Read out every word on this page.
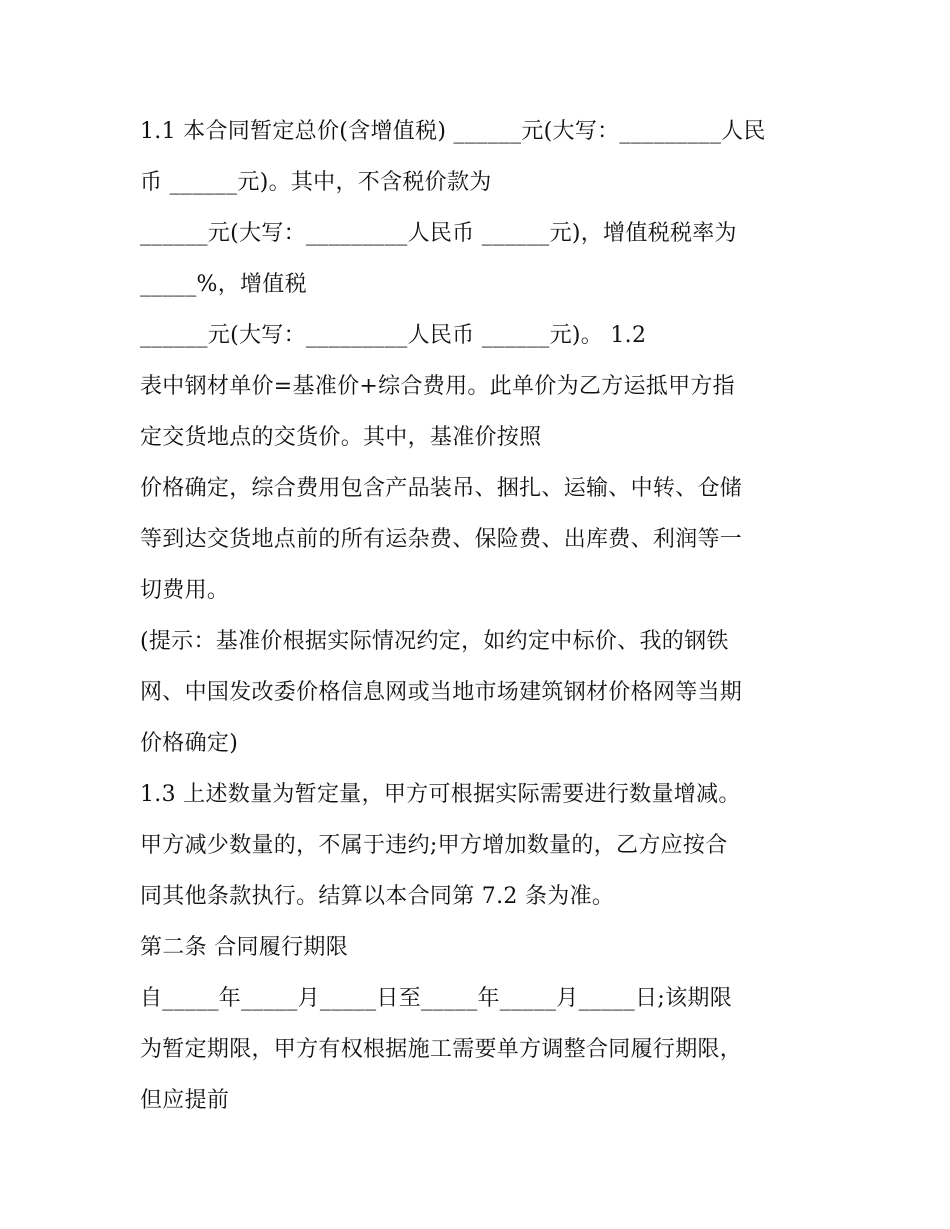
1.1 本合同暂定总价(含增值税) ______元(大写：_________人民
币 ______元)。其中，不含税价款为
______元(大写：_________人民币 ______元)，增值税税率为
_____%，增值税
______元(大写：_________人民币 ______元)。 1.2
表中钢材单价=基准价+综合费用。此单价为乙方运抵甲方指
定交货地点的交货价。其中，基准价按照
价格确定，综合费用包含产品装吊、捆扎、运输、中转、仓储
等到达交货地点前的所有运杂费、保险费、出库费、利润等一
切费用。
(提示：基准价根据实际情况约定，如约定中标价、我的钢铁
网、中国发改委价格信息网或当地市场建筑钢材价格网等当期
价格确定)
1.3 上述数量为暂定量，甲方可根据实际需要进行数量增减。
甲方减少数量的，不属于违约;甲方增加数量的，乙方应按合
同其他条款执行。结算以本合同第 7.2 条为准。
第二条 合同履行期限
自_____年_____月_____日至_____年_____月_____日;该期限
为暂定期限，甲方有权根据施工需要单方调整合同履行期限，
但应提前
